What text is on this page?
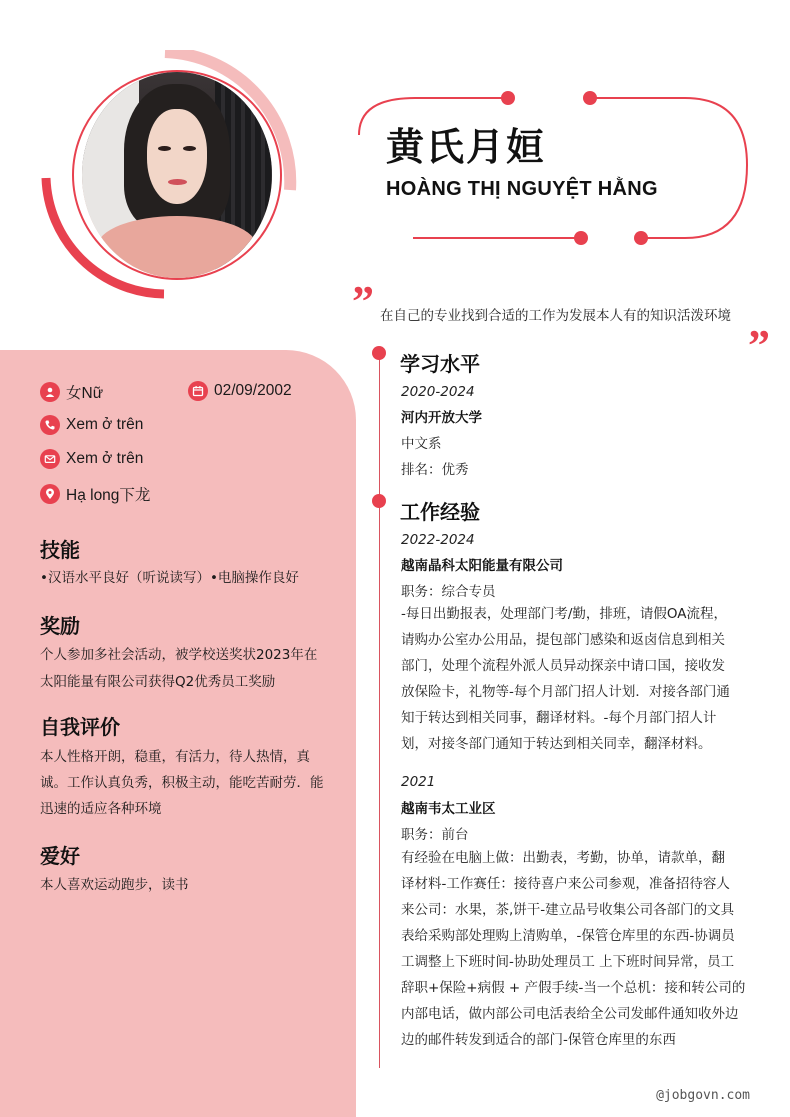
黄氏月姮
HOÀNG THỊ NGUYỆT HẰNG
” 在自己的专业找到合适的工作为发展本人有的知识活泼环境
”
女Nữ	02/09/2002
Xem ở trên
Xem ở trên
Hạ long下龙
技能
•汉语水平良好（听说读写）•电脑操作良好
奖励
个人参加多社会活动，被学校送奖状2023年在
太阳能量有限公司获得Q2优秀员工奖励
自我评价
本人性格开朗，稳重，有活力，待人热情，真
诚。工作认真负秀，积极主动，能吃苦耐劳．能
迅速的适应各种环境
爱好
本人喜欢运动跑步，读书
学习水平
2020-2024
河内开放大学
中文系
排名：优秀
工作经验
2022-2024
越南晶科太阳能量有限公司
职务：综合专员
-每日出勤报表，处理部门考/勤，排班，请假OA流程，
请购办公室办公用品，提包部门感染和返卤信息到相关
部门，处理个流程外派人员异动探亲中请口国，接收发
放保险卡，礼物等-每个月部门招人计划．对接各部门通
知于转达到相关同事，翻译材料。-每个月部门招人计
划，对接冬部门通知于转达到相关同幸，翻泽材料。
2021
越南韦太工业区
职务：前台
有经验在电脑上做：出勤表，考勤，协单，请款单，翻
译材料-工作赛任：接待喜户来公司参观，准备招待容人
来公司：水果，茶,饼干-建立品号收集公司各部门的文具
表给采购部处理购上清购单，-保管仓库里的东西-协调员
工调整上下班时间-协助处理员工 上下班时间异常，员工
辞职+保险+病假 + 产假手续-当一个总机：接和转公司的
内部电话，做内部公司电活表给全公司发邮件通知收外边
边的邮件转发到适合的部门-保管仓库里的东西
@jobgovn.com
